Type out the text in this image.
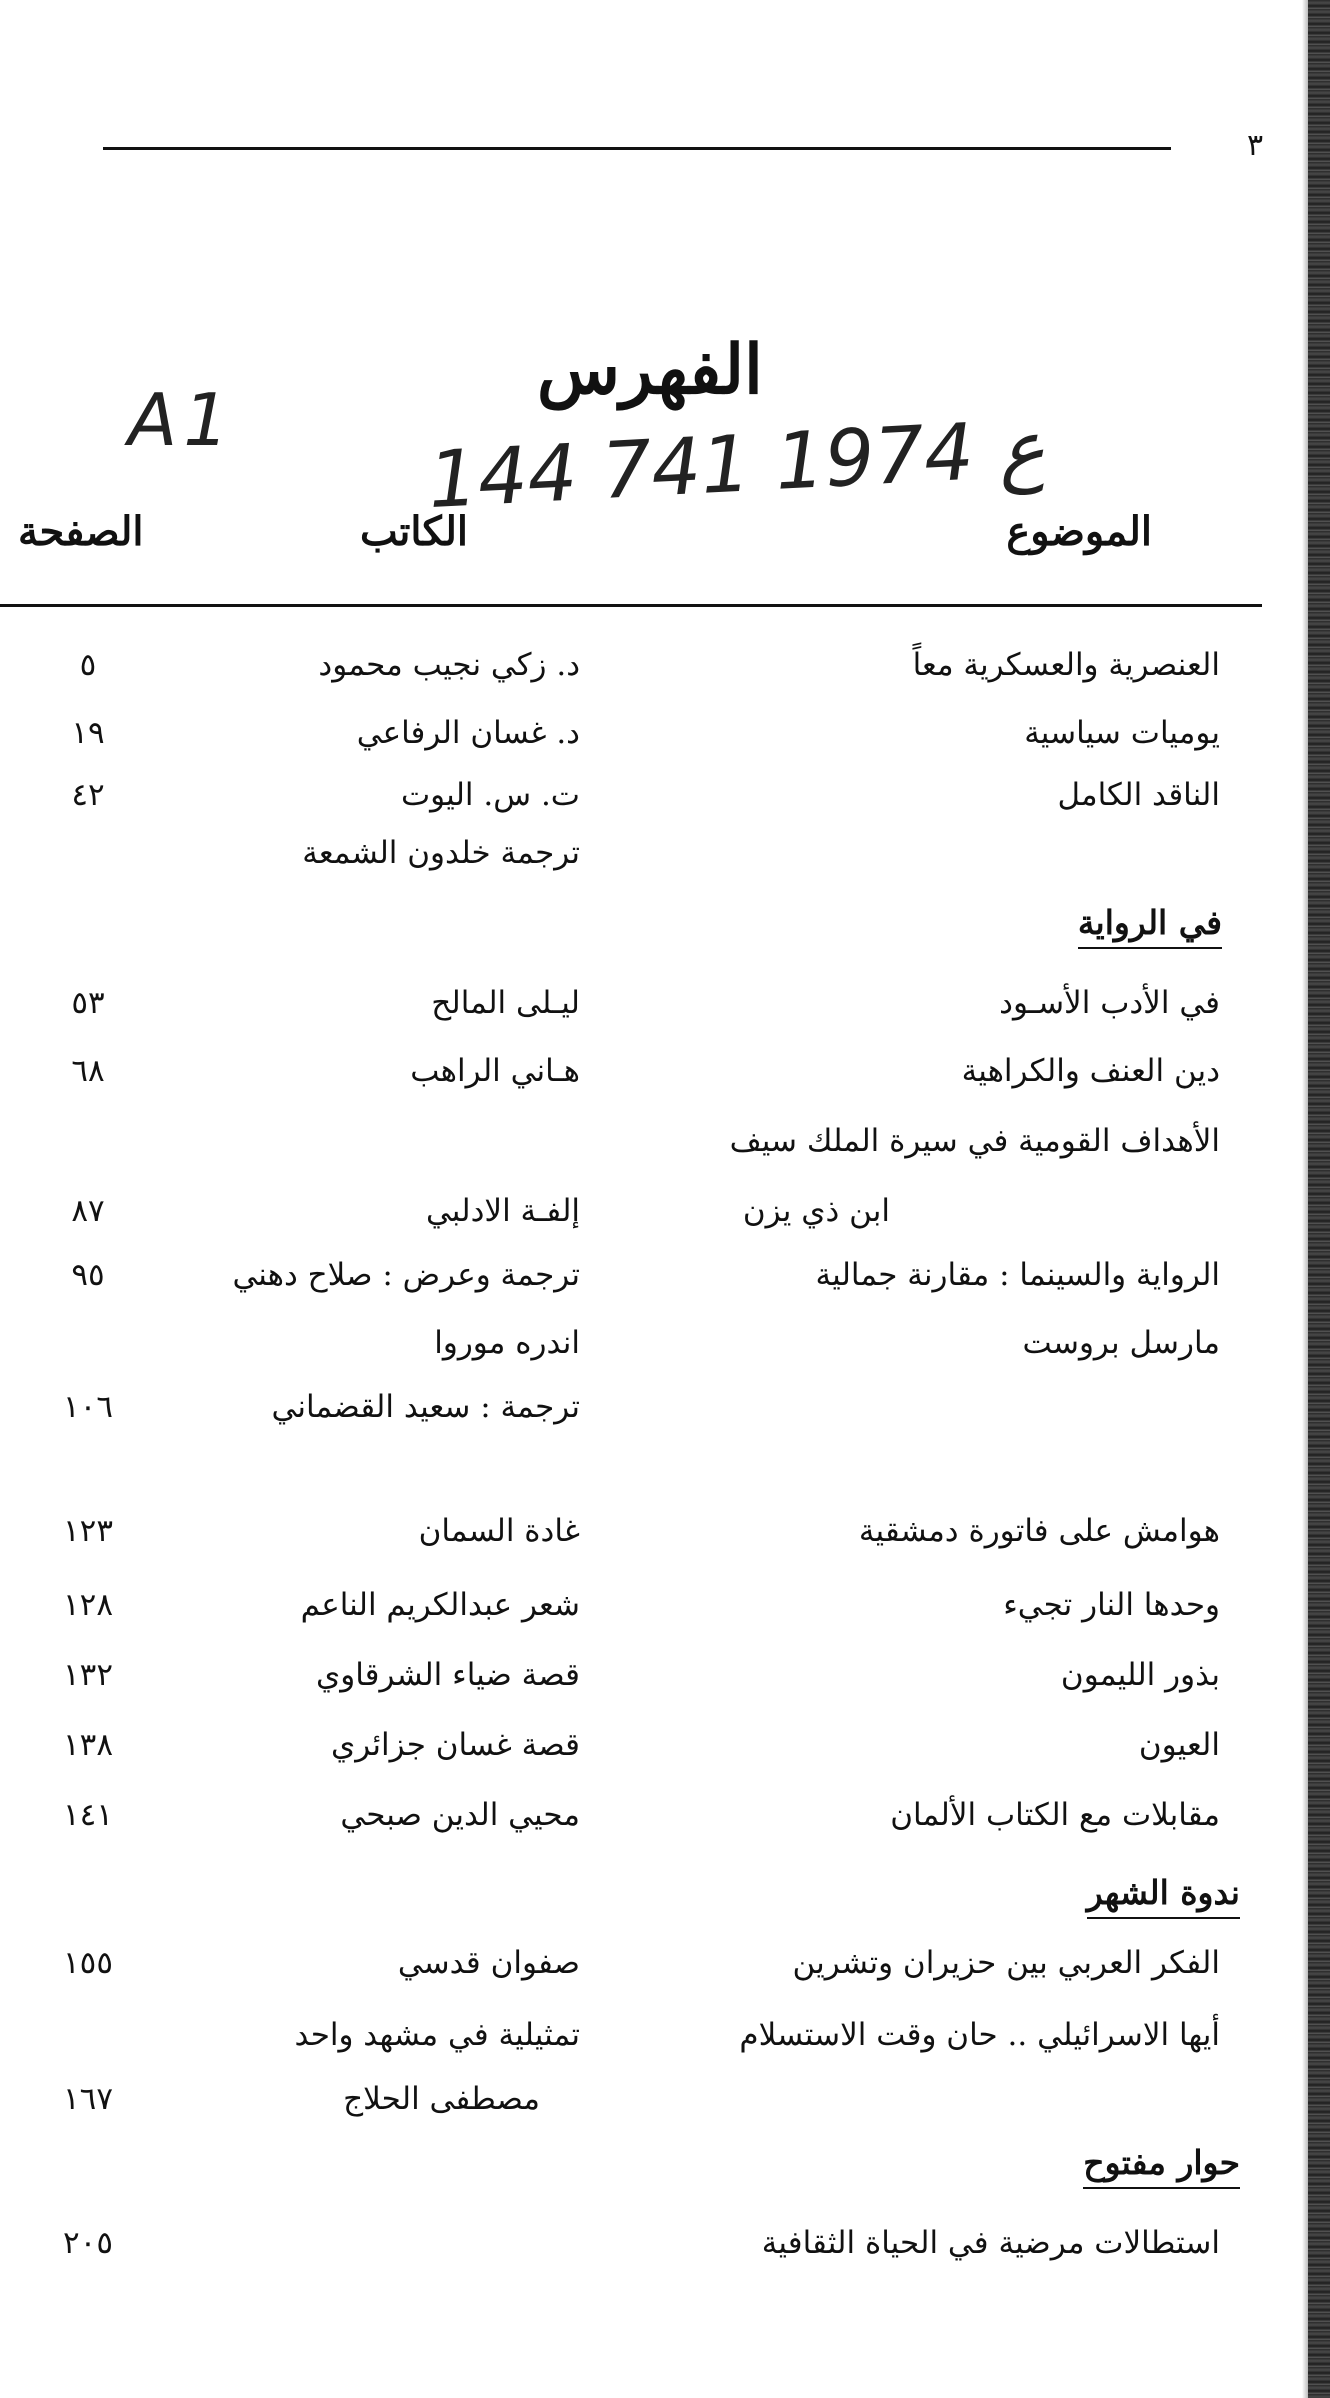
٣
الفهرس
A1
144 ع 1974 741
الموضوع
الكاتب
الصفحة
العنصرية والعسكرية معاً
د. زكي نجيب محمود
٥
يوميات سياسية
د. غسان الرفاعي
١٩
الناقد الكامل
ت. س. اليوت
٤٢
ترجمة خلدون الشمعة
في الرواية
في الأدب الأسـود
ليـلى المالح
٥٣
دين العنف والكراهية
هـاني الراهب
٦٨
الأهداف القومية في سيرة الملك سيف
ابن ذي يزن
إلفـة الادلبي
٨٧
الرواية والسينما : مقارنة جمالية
ترجمة وعرض : صلاح دهني
٩٥
مارسل بروست
اندره موروا
ترجمة : سعيد القضماني
١٠٦
هوامش على فاتورة دمشقية
غادة السمان
١٢٣
وحدها النار تجيء
شعر عبدالكريم الناعم
١٢٨
بذور الليمون
قصة ضياء الشرقاوي
١٣٢
العيون
قصة غسان جزائري
١٣٨
مقابلات مع الكتاب الألمان
محيي الدين صبحي
١٤١
ندوة الشهر
الفكر العربي بين حزيران وتشرين
صفوان قدسي
١٥٥
أيها الاسرائيلي .. حان وقت الاستسلام
تمثيلية في مشهد واحد
مصطفى الحلاج
١٦٧
حوار مفتوح
استطالات مرضية في الحياة الثقافية
٢٠٥
